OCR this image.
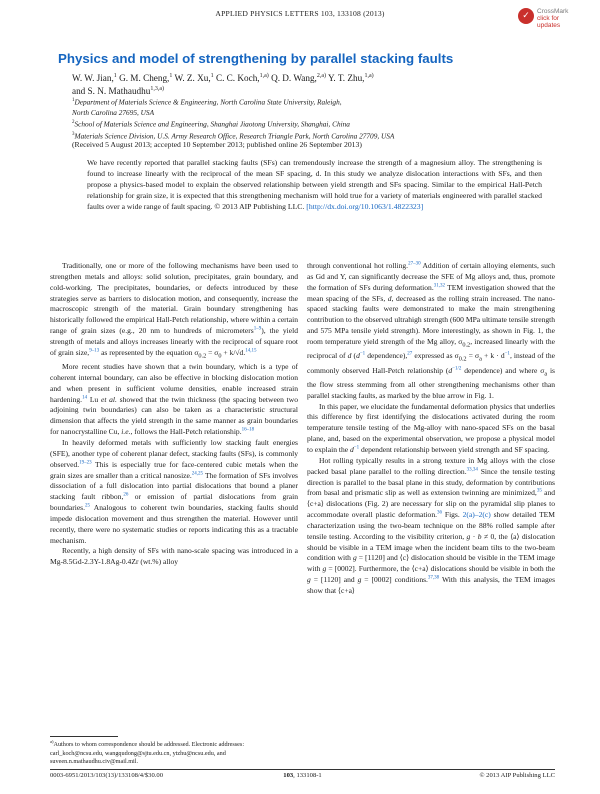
APPLIED PHYSICS LETTERS 103, 133108 (2013)	✓	CrossMark
click for updates
Physics and model of strengthening by parallel stacking faults
W. W. Jian,$^1$ G. M. Cheng,$^1$ W. Z. Xu,$^1$ C. C. Koch,$^{1,a)}$ Q. D. Wang,$^{2,a)}$ Y. T. Zhu,$^{1,a)}$
and S. N. Mathaudhu$^{1,3,a)}$
$^1$Department of Materials Science & Engineering, North Carolina State University, Raleigh,
North Carolina 27695, USA
$^2$School of Materials Science and Engineering, Shanghai Jiaotong University, Shanghai, China
$^3$Materials Science Division, U.S. Army Research Office, Research Triangle Park, North Carolina 27709, USA
(Received 5 August 2013; accepted 10 September 2013; published online 26 September 2013)
We have recently reported that parallel stacking faults (SFs) can tremendously increase the strength of a magnesium alloy. The strengthening is found to increase linearly with the reciprocal of the mean SF spacing, d. In this study we analyze dislocation interactions with SFs, and then propose a physics-based model to explain the observed relationship between yield strength and SFs spacing. Similar to the empirical Hall-Petch relationship for grain size, it is expected that this strengthening mechanism will hold true for a variety of materials engineered with parallel stacked faults over a wide range of fault spacing. © 2013 AIP Publishing LLC. [http://dx.doi.org/10.1063/1.4822323]

Traditionally, one or more of the following mechanisms have been used to strengthen metals and alloys: solid solution, precipitates, grain boundary, and cold-working. The precipitates, boundaries, or defects introduced by these strategies serve as barriers to dislocation motion, and consequently, increase the macroscopic strength of the material. Grain boundary strengthening has historically followed the empirical Hall-Petch relationship, where within a certain range of grain sizes (e.g., 20 nm to hundreds of micrometers$^{1-9}$), the yield strength of metals and alloys increases linearly with the reciprocal of square root of grain size,$^{9-13}$ as represented by the equation $\sigma_{0.2} = \sigma_0 + k/√d.^{14,15}$

More recent studies have shown that a twin boundary, which is a type of coherent internal boundary, can also be effective in blocking dislocation motion and when present in sufficient volume densities, enable increased strain hardening.$^{14}$ Lu et al. showed that the twin thickness (the spacing between two adjoining twin boundaries) can also be taken as a characteristic structural dimension that affects the yield strength in the same manner as grain boundaries for nanocrystalline Cu, i.e., follows the Hall-Petch relationship.$^{16-18}$

In heavily deformed metals with sufficiently low stacking fault energies (SFE), another type of coherent planar defect, stacking faults (SFs), is commonly observed.$^{19-23}$ This is especially true for face-centered cubic metals when the grain sizes are smaller than a critical nanosize.$^{24,25}$ The formation of SFs involves dissociation of a full dislocation into partial dislocations that bound a planer stacking fault ribbon,$^{26}$ or emission of partial dislocations from grain boundaries.$^{25}$ Analogous to coherent twin boundaries, stacking faults should impede dislocation movement and thus strengthen the material. However until recently, there were no systematic studies or reports indicating this as a tractable mechanism.

Recently, a high density of SFs with nano-scale spacing was introduced in a Mg-8.5Gd-2.3Y-1.8Ag-0.4Zr (wt.%) alloy

through conventional hot rolling.$^{27-30}$ Addition of certain alloying elements, such as Gd and Y, can significantly decrease the SFE of Mg alloys and, thus, promote the formation of SFs during deformation.$^{31,32}$ TEM investigation showed that the mean spacing of the SFs, d, decreased as the rolling strain increased. The nano-spaced stacking faults were demonstrated to make the main strengthening contribution to the observed ultrahigh strength (600 MPa ultimate tensile strength and 575 MPa tensile yield strength). More interestingly, as shown in Fig. 1, the room temperature yield strength of the Mg alloy, $\sigma_{0.2}$, increased linearly with the reciprocal of d ($d^{-1}$ dependence),$^{27}$ expressed as $\sigma_{0.2} = \sigma_a + k \cdot d^{-1}$, instead of the commonly observed Hall-Petch relationship ($d^{-1/2}$ dependence) and where $\sigma_a$ is the flow stress stemming from all other strengthening mechanisms other than parallel stacking faults, as marked by the blue arrow in Fig. 1.

In this paper, we elucidate the fundamental deformation physics that underlies this difference by first identifying the dislocations activated during the room temperature tensile testing of the Mg-alloy with nano-spaced SFs on the basal plane, and, based on the experimental observation, we propose a physical model to explain the $d^{-1}$ dependent relationship between yield strength and SF spacing.

Hot rolling typically results in a strong texture in Mg alloys with the close packed basal plane parallel to the rolling direction.$^{33,34}$ Since the tensile testing direction is parallel to the basal plane in this study, deformation by contributions from basal and prismatic slip as well as extension twinning are minimized,$^{35}$ and ⟨c+a⟩ dislocations (Fig. 2) are necessary for slip on the pyramidal slip planes to accommodate overall plastic deformation.$^{36}$ Figs. 2(a)–2(c) show detailed TEM characterization using the two-beam technique on the 88% rolled sample after tensile testing. According to the visibility criterion, g · b ≠ 0, the ⟨a⟩ dislocation should be visible in a TEM image when the incident beam tilts to the two-beam condition with g = [1120] and ⟨c⟩ dislocation should be visible in the TEM image with g = [0002]. Furthermore, the ⟨c+a⟩ dislocations should be visible in both the g = [1120] and g = [0002] conditions.$^{37,38}$ With this analysis, the TEM images show that ⟨c+a⟩

$^{a)}$Authors to whom correspondence should be addressed. Electronic addresses: carl_koch@ncsu.edu, wangqudong@sjtu.edu.cn, ytzhu@ncsu.edu, and suveen.n.mathaudhu.civ@mail.mil.
0003-6951/2013/103(13)/133108/4/$30.00	103, 133108-1	© 2013 AIP Publishing LLC
